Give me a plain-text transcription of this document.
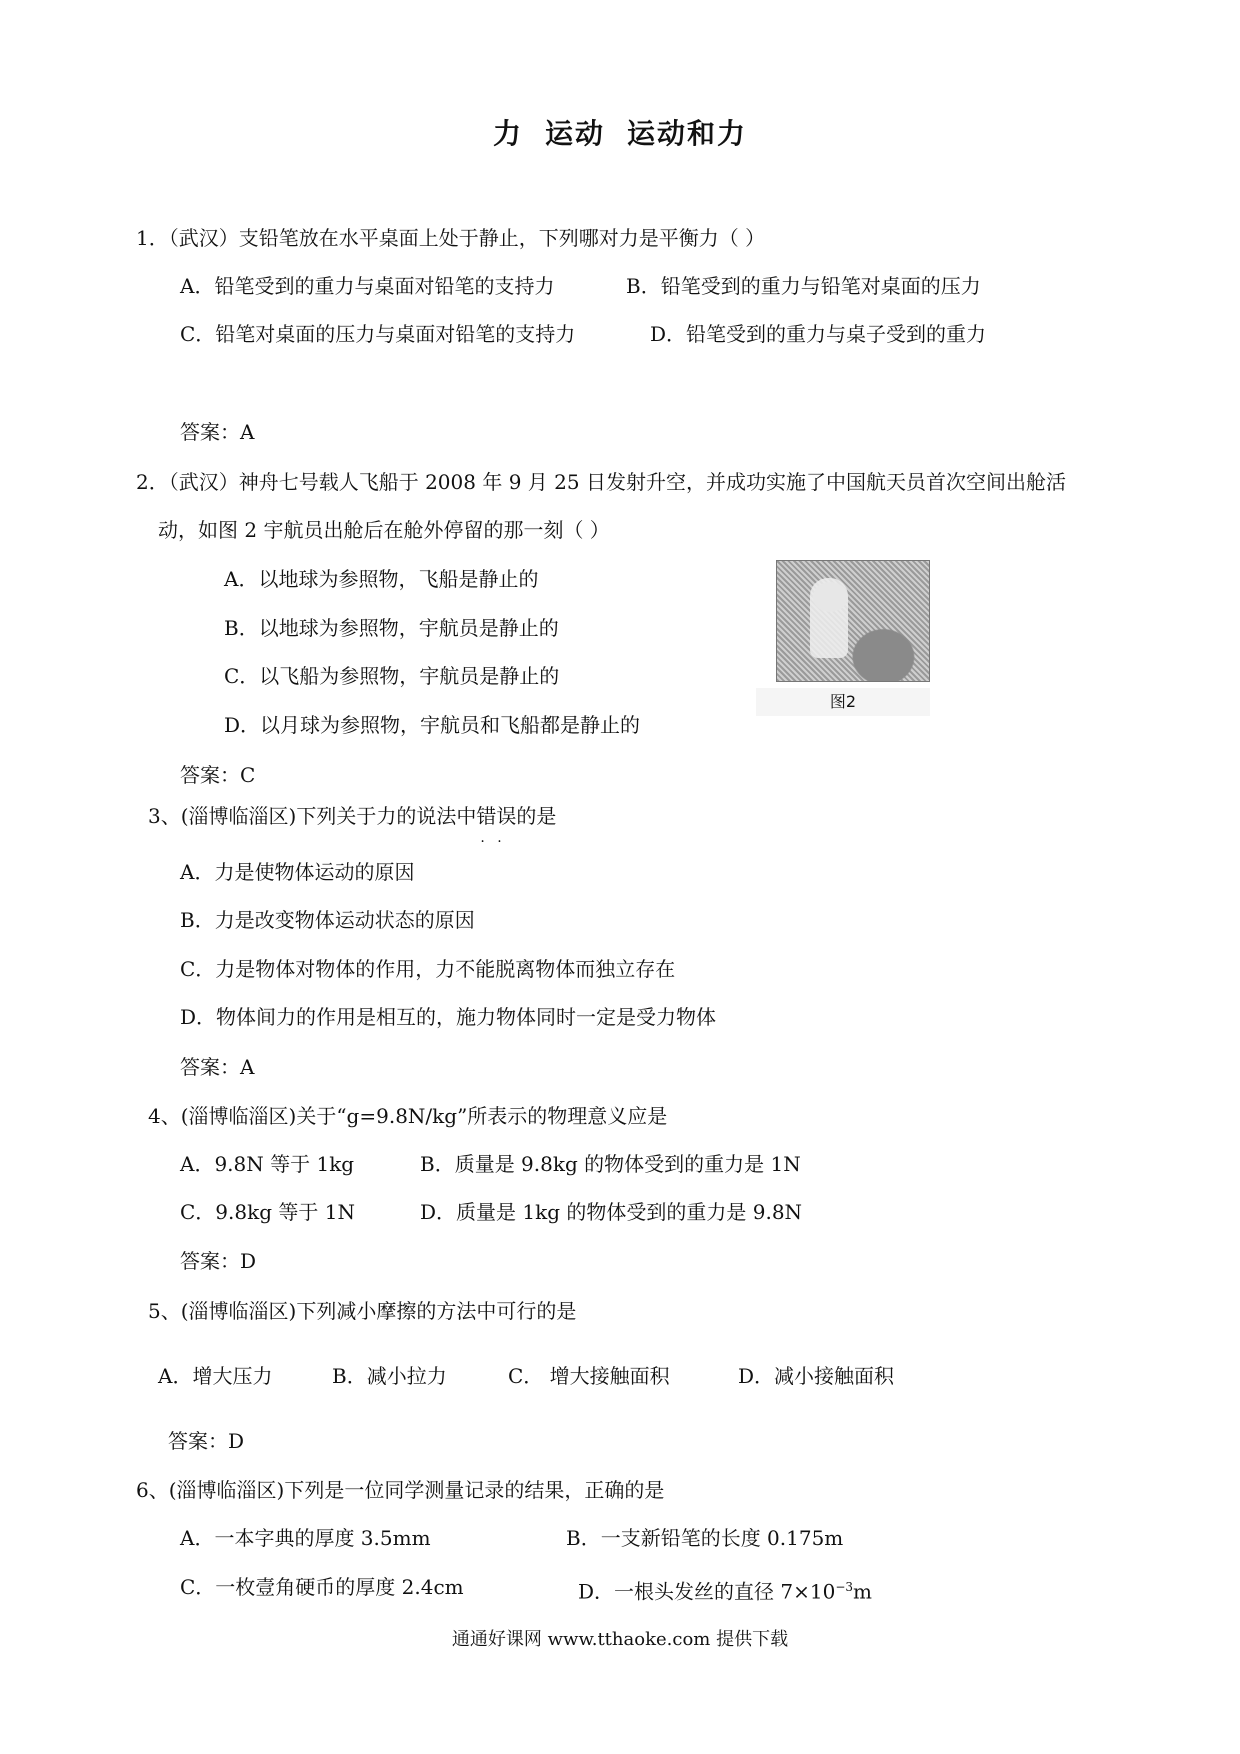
力 运动 运动和力
1．（武汉）支铅笔放在水平桌面上处于静止，下列哪对力是平衡力（ ）
A．铅笔受到的重力与桌面对铅笔的支持力	B．铅笔受到的重力与铅笔对桌面的压力
C．铅笔对桌面的压力与桌面对铅笔的支持力	D．铅笔受到的重力与桌子受到的重力
答案：A
2．（武汉）神舟七号载人飞船于 2008 年 9 月 25 日发射升空，并成功实施了中国航天员首次空间出舱活
动，如图 2 宇航员出舱后在舱外停留的那一刻（ ）
A．以地球为参照物，飞船是静止的
B．以地球为参照物，宇航员是静止的
C．以飞船为参照物，宇航员是静止的
D．以月球为参照物，宇航员和飞船都是静止的
图2
答案：C
3、(淄博临淄区)下列关于力的说法中错误 · ·的是
A．力是使物体运动的原因
B．力是改变物体运动状态的原因
C．力是物体对物体的作用，力不能脱离物体而独立存在
D．物体间力的作用是相互的，施力物体同时一定是受力物体
答案：A
4、(淄博临淄区)关于“g=9.8N/kg”所表示的物理意义应是
A．9.8N 等于 1kg	B．质量是 9.8kg 的物体受到的重力是 1N
C．9.8kg 等于 1N	D．质量是 1kg 的物体受到的重力是 9.8N
答案：D
5、(淄博临淄区)下列减小摩擦的方法中可行的是
A．增大压力	B．减小拉力	C． 增大接触面积	D．减小接触面积
答案：D
6、(淄博临淄区)下列是一位同学测量记录的结果，正确的是
A．一本字典的厚度 3.5mm	B．一支新铅笔的长度 0.175m
C．一枚壹角硬币的厚度 2.4cm	D．一根头发丝的直径 $7\times 10^{-3}m$
通通好课网 www.tthaoke.com 提供下载
